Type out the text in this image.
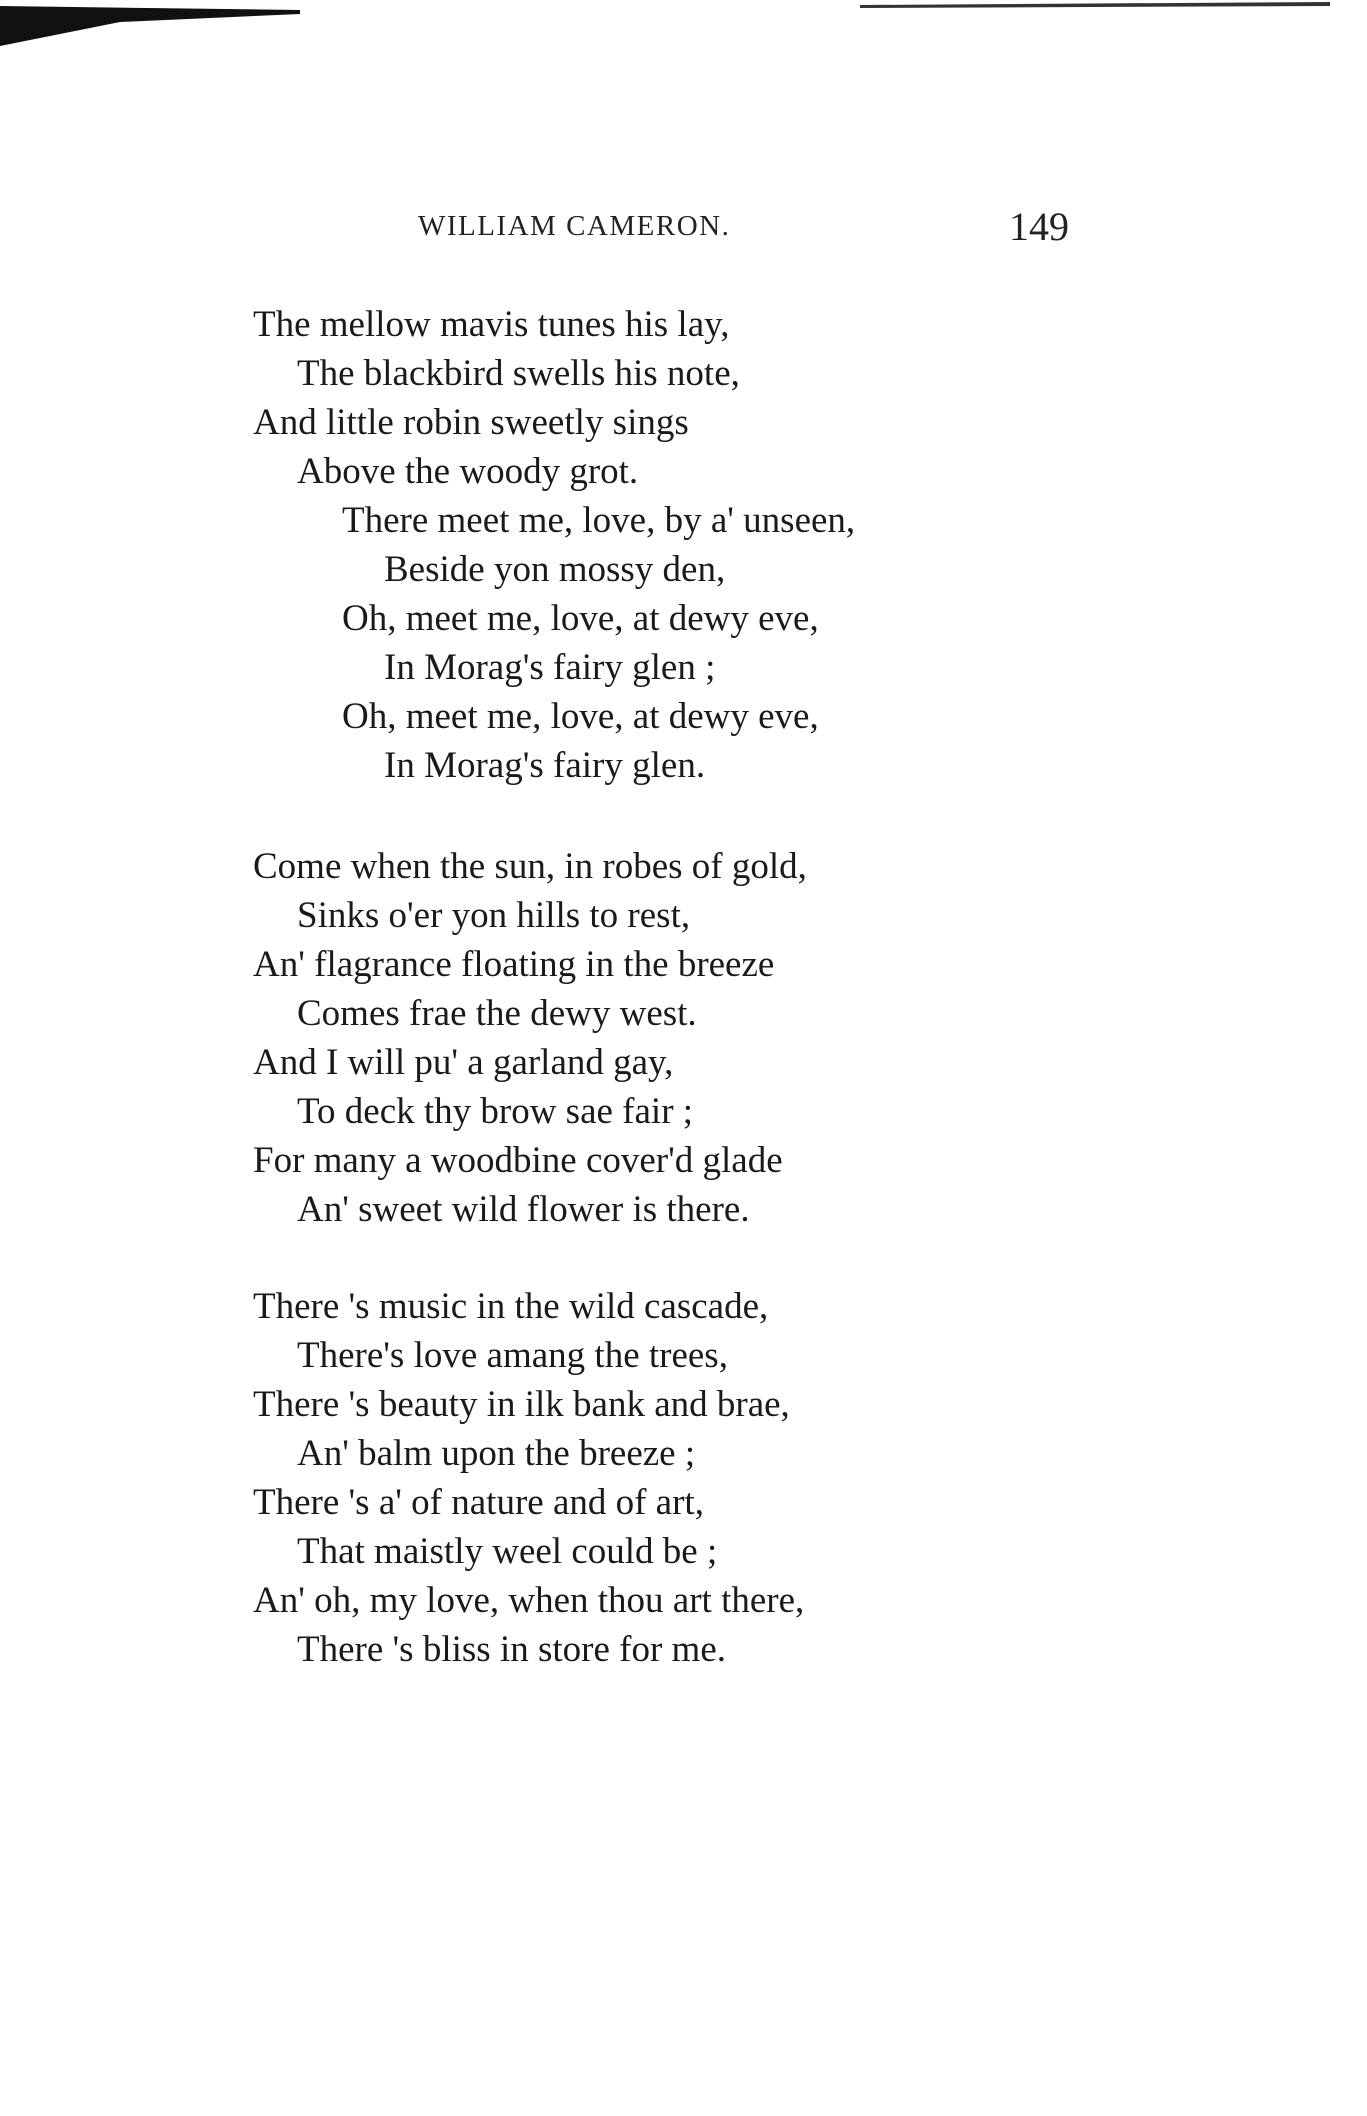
WILLIAM CAMERON.	149
The mellow mavis tunes his lay,
The blackbird swells his note,
And little robin sweetly sings
Above the woody grot.
There meet me, love, by a' unseen,
Beside yon mossy den,
Oh, meet me, love, at dewy eve,
In Morag's fairy glen ;
Oh, meet me, love, at dewy eve,
In Morag's fairy glen.
Come when the sun, in robes of gold,
Sinks o'er yon hills to rest,
An' flagrance floating in the breeze
Comes frae the dewy west.
And I will pu' a garland gay,
To deck thy brow sae fair ;
For many a woodbine cover'd glade
An' sweet wild flower is there.
There 's music in the wild cascade,
There's love amang the trees,
There 's beauty in ilk bank and brae,
An' balm upon the breeze ;
There 's a' of nature and of art,
That maistly weel could be ;
An' oh, my love, when thou art there,
There 's bliss in store for me.
